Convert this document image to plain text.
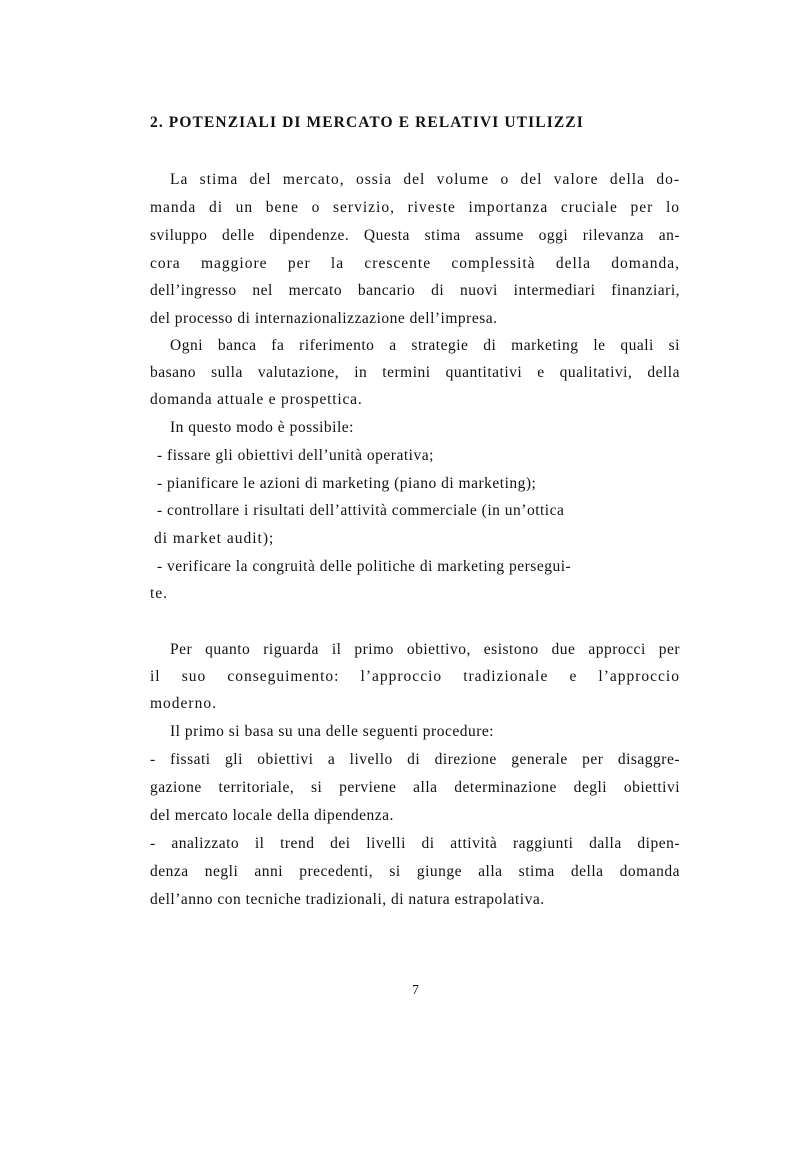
2. POTENZIALI DI MERCATO E RELATIVI UTILIZZI
La stima del mercato, ossia del volume o del valore della do-
manda di un bene o servizio, riveste importanza cruciale per lo
sviluppo delle dipendenze. Questa stima assume oggi rilevanza an-
cora maggiore per la crescente complessità della domanda,
dell’ingresso nel mercato bancario di nuovi intermediari finanziari,
del processo di internazionalizzazione dell’impresa.
Ogni banca fa riferimento a strategie di marketing le quali si
basano sulla valutazione, in termini quantitativi e qualitativi, della
domanda attuale e prospettica.
In questo modo è possibile:
- fissare gli obiettivi dell’unità operativa;
- pianificare le azioni di marketing (piano di marketing);
- controllare i risultati dell’attività commerciale (in un’ottica
di market audit);
- verificare la congruità delle politiche di marketing persegui-
te.
Per quanto riguarda il primo obiettivo, esistono due approcci per
il suo conseguimento: l’approccio tradizionale e l’approccio
moderno.
Il primo si basa su una delle seguenti procedure:
- fissati gli obiettivi a livello di direzione generale per disaggre-
gazione territoriale, si perviene alla determinazione degli obiettivi
del mercato locale della dipendenza.
- analizzato il trend dei livelli di attività raggiunti dalla dipen-
denza negli anni precedenti, si giunge alla stima della domanda
dell’anno con tecniche tradizionali, di natura estrapolativa.
7
